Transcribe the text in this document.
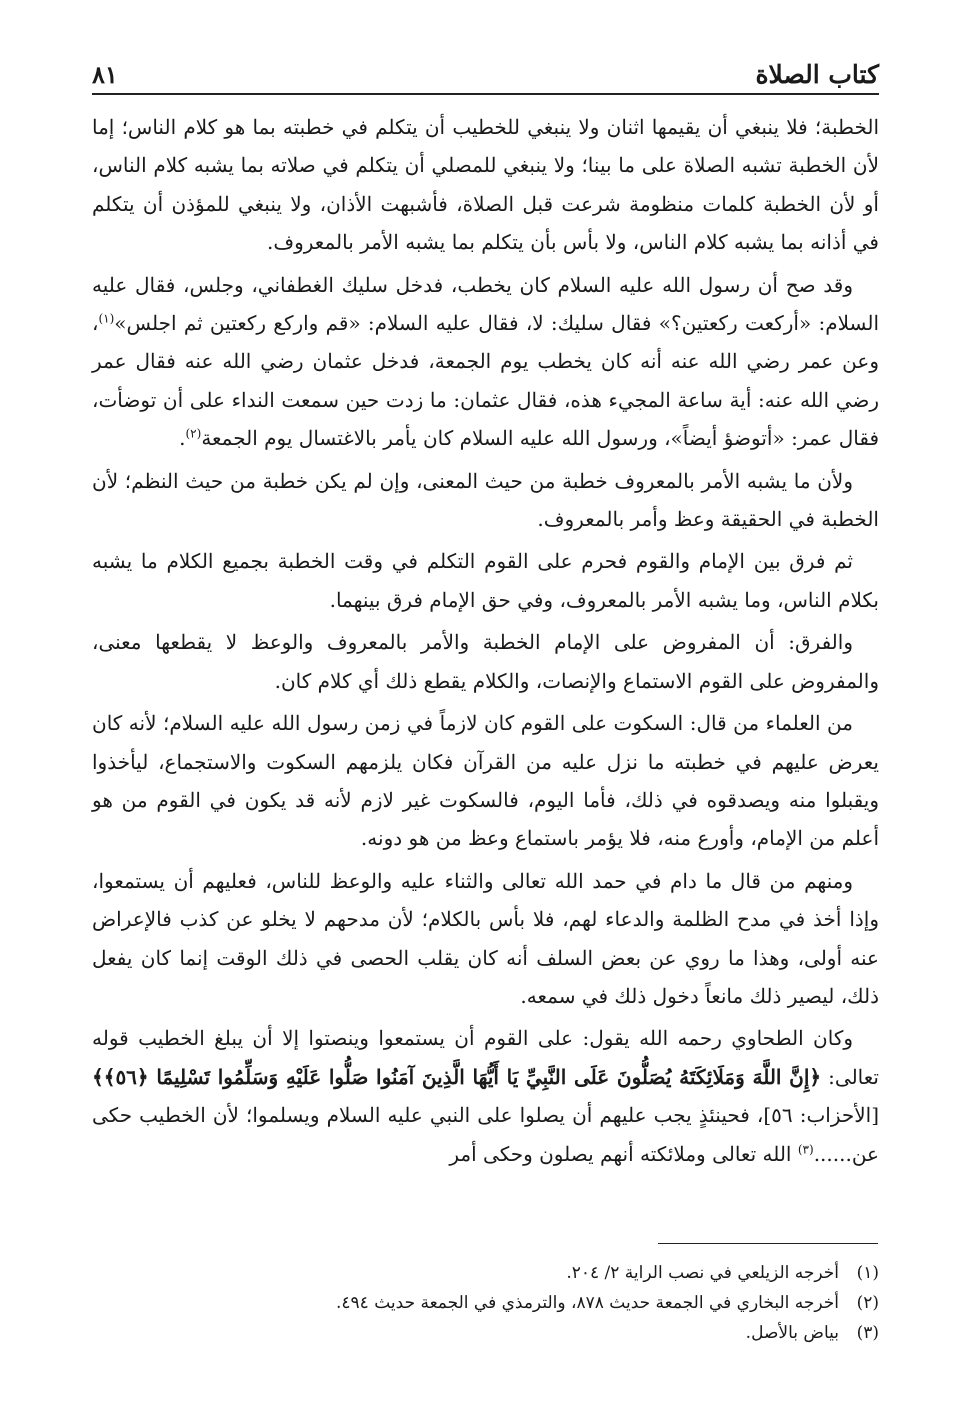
كتاب الصلاة
٨١

الخطبة؛ فلا ينبغي أن يقيمها اثنان ولا ينبغي للخطيب أن يتكلم في خطبته بما هو كلام الناس؛ إما لأن الخطبة تشبه الصلاة على ما بينا؛ ولا ينبغي للمصلي أن يتكلم في صلاته بما يشبه كلام الناس، أو لأن الخطبة كلمات منظومة شرعت قبل الصلاة، فأشبهت الأذان، ولا ينبغي للمؤذن أن يتكلم في أذانه بما يشبه كلام الناس، ولا بأس بأن يتكلم بما يشبه الأمر بالمعروف.

وقد صح أن رسول الله عليه السلام كان يخطب، فدخل سليك الغطفاني، وجلس، فقال عليه السلام: «أركعت ركعتين؟» فقال سليك: لا، فقال عليه السلام: «قم واركع ركعتين ثم اجلس»$^{(١)}$، وعن عمر رضي الله عنه أنه كان يخطب يوم الجمعة، فدخل عثمان رضي الله عنه فقال عمر رضي الله عنه: أية ساعة المجيء هذه، فقال عثمان: ما زدت حين سمعت النداء على أن توضأت، فقال عمر: «أتوضؤ أيضاً»، ورسول الله عليه السلام كان يأمر بالاغتسال يوم الجمعة$^{(٢)}$.

ولأن ما يشبه الأمر بالمعروف خطبة من حيث المعنى، وإن لم يكن خطبة من حيث النظم؛ لأن الخطبة في الحقيقة وعظ وأمر بالمعروف.

ثم فرق بين الإمام والقوم فحرم على القوم التكلم في وقت الخطبة بجميع الكلام ما يشبه بكلام الناس، وما يشبه الأمر بالمعروف، وفي حق الإمام فرق بينهما.

والفرق: أن المفروض على الإمام الخطبة والأمر بالمعروف والوعظ لا يقطعها معنى، والمفروض على القوم الاستماع والإنصات، والكلام يقطع ذلك أي كلام كان.

من العلماء من قال: السكوت على القوم كان لازماً في زمن رسول الله عليه السلام؛ لأنه كان يعرض عليهم في خطبته ما نزل عليه من القرآن فكان يلزمهم السكوت والاستجماع، ليأخذوا ويقبلوا منه ويصدقوه في ذلك، فأما اليوم، فالسكوت غير لازم لأنه قد يكون في القوم من هو أعلم من الإمام، وأورع منه، فلا يؤمر باستماع وعظ من هو دونه.

ومنهم من قال ما دام في حمد الله تعالى والثناء عليه والوعظ للناس، فعليهم أن يستمعوا، وإذا أخذ في مدح الظلمة والدعاء لهم، فلا بأس بالكلام؛ لأن مدحهم لا يخلو عن كذب فالإعراض عنه أولى، وهذا ما روي عن بعض السلف أنه كان يقلب الحصى في ذلك الوقت إنما كان يفعل ذلك، ليصير ذلك مانعاً دخول ذلك في سمعه.

وكان الطحاوي رحمه الله يقول: على القوم أن يستمعوا وينصتوا إلا أن يبلغ الخطيب قوله تعالى: ﴿إِنَّ اللَّهَ وَمَلَائِكَتَهُ يُصَلُّونَ عَلَى النَّبِيِّ يَا أَيُّهَا الَّذِينَ آمَنُوا صَلُّوا عَلَيْهِ وَسَلِّمُوا تَسْلِيمًا ﴿٥٦﴾﴾ [الأحزاب: ٥٦]، فحينئذٍ يجب عليهم أن يصلوا على النبي عليه السلام ويسلموا؛ لأن الخطيب حكى عن......$^{(٣)}$ الله تعالى وملائكته أنهم يصلون وحكى أمر

(١)
أخرجه الزيلعي في نصب الراية ٢/ ٢٠٤.
(٢)
أخرجه البخاري في الجمعة حديث ٨٧٨، والترمذي في الجمعة حديث ٤٩٤.
(٣)
بياض بالأصل.
